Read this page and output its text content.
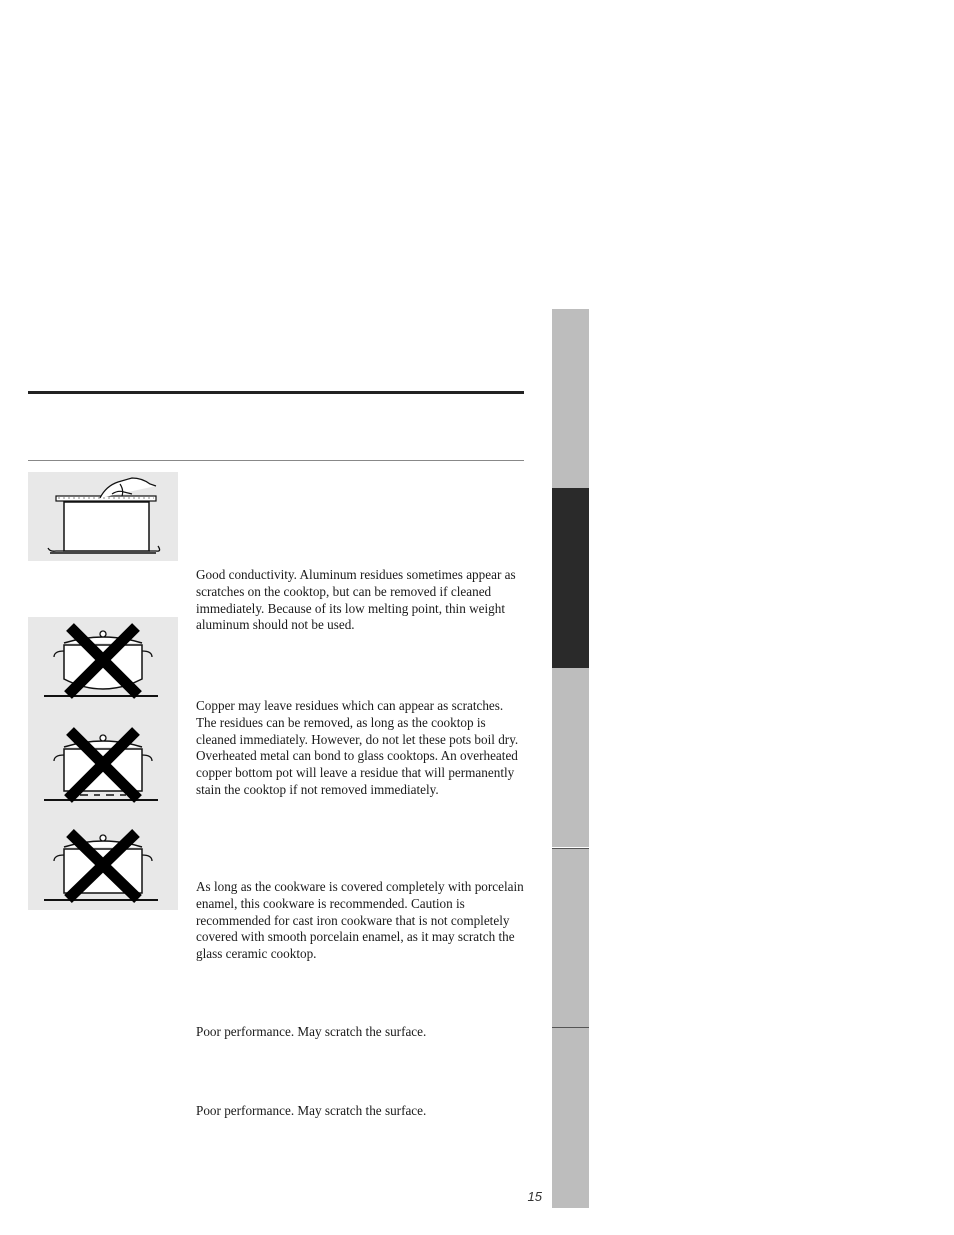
Good conductivity. Aluminum residues sometimes appear as scratches on the cooktop, but can be removed if cleaned immediately. Because of its low melting point, thin weight aluminum should not be used.

Copper may leave residues which can appear as scratches. The residues can be removed, as long as the cooktop is cleaned immediately. However, do not let these pots boil dry. Overheated metal can bond to glass cooktops. An overheated copper bottom pot will leave a residue that will permanently stain the cooktop if not removed immediately.

As long as the cookware is covered completely with porcelain enamel, this cookware is recommended. Caution is recommended for cast iron cookware that is not completely covered with smooth porcelain enamel, as it may scratch the glass ceramic cooktop.

Poor performance. May scratch the surface.

Poor performance. May scratch the surface.

15
